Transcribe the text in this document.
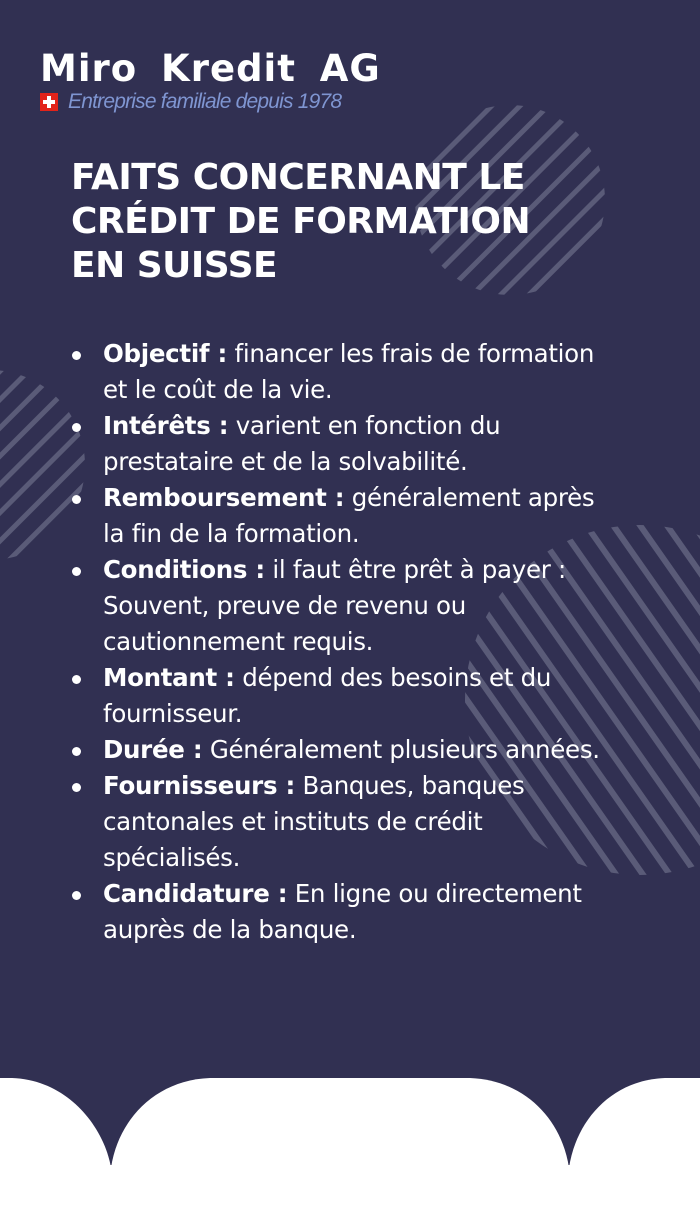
Miro Kredit AG
Entreprise familiale depuis 1978
FAITS CONCERNANT LE
CRÉDIT DE FORMATION
EN SUISSE
Objectif : financer les frais de formation et le coût de la vie.
Intérêts : varient en fonction du prestataire et de la solvabilité.
Remboursement : généralement après la fin de la formation.
Conditions : il faut être prêt à payer : Souvent, preuve de revenu ou cautionnement requis.
Montant : dépend des besoins et du fournisseur.
Durée : Généralement plusieurs années.
Fournisseurs : Banques, banques cantonales et instituts de crédit spécialisés.
Candidature : En ligne ou directement auprès de la banque.
